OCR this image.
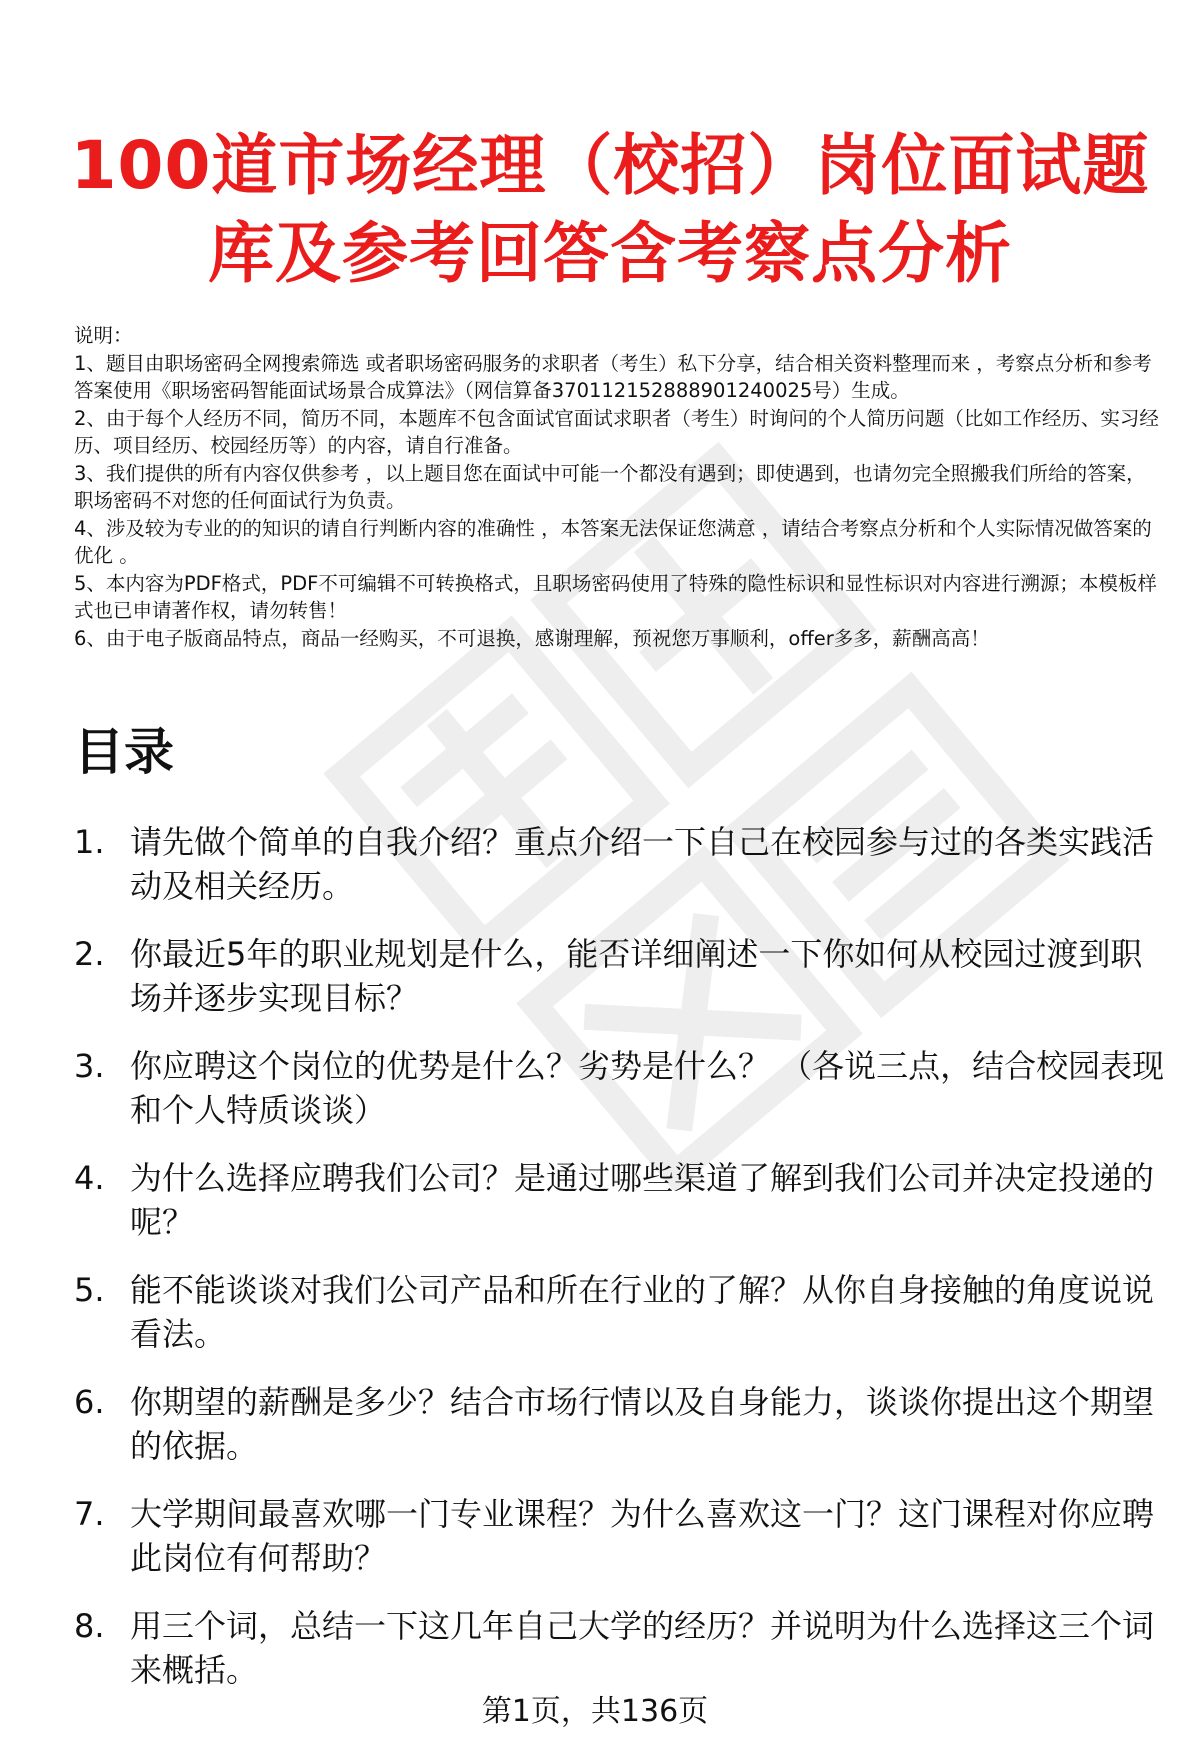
100道市场经理（校招）岗位面试题
库及参考回答含考察点分析

说明：

1、题目由职场密码全网搜索筛选 或者职场密码服务的求职者（考生）私下分享，结合相关资料整理而来 ，考察点分析和参考答案使用《职场密码智能面试场景合成算法》（网信算备370112152888901240025号）生成。

2、由于每个人经历不同，简历不同，本题库不包含面试官面试求职者（考生）时询问的个人简历问题（比如工作经历、实习经历、项目经历、校园经历等）的内容，请自行准备。

3、我们提供的所有内容仅供参考 ，以上题目您在面试中可能一个都没有遇到；即使遇到，也请勿完全照搬我们所给的答案，职场密码不对您的任何面试行为负责。

4、涉及较为专业的的知识的请自行判断内容的准确性 ，本答案无法保证您满意 ，请结合考察点分析和个人实际情况做答案的优化 。

5、本内容为PDF格式，PDF不可编辑不可转换格式，且职场密码使用了特殊的隐性标识和显性标识对内容进行溯源；本模板样式也已申请著作权，请勿转售！

6、由于电子版商品特点，商品一经购买，不可退换，感谢理解，预祝您万事顺利，offer多多，薪酬高高！

目录
1. 请先做个简单的自我介绍？重点介绍一下自己在校园参与过的各类实践活动及相关经历。
2. 你最近5年的职业规划是什么，能否详细阐述一下你如何从校园过渡到职场并逐步实现目标？
3. 你应聘这个岗位的优势是什么？劣势是什么？ （各说三点，结合校园表现和个人特质谈谈）
4. 为什么选择应聘我们公司？是通过哪些渠道了解到我们公司并决定投递的呢？
5. 能不能谈谈对我们公司产品和所在行业的了解？从你自身接触的角度说说看法。
6. 你期望的薪酬是多少？结合市场行情以及自身能力，谈谈你提出这个期望的依据。
7. 大学期间最喜欢哪一门专业课程？为什么喜欢这一门？这门课程对你应聘此岗位有何帮助？
8. 用三个词，总结一下这几年自己大学的经历？并说明为什么选择这三个词来概括。
第1页，共136页
